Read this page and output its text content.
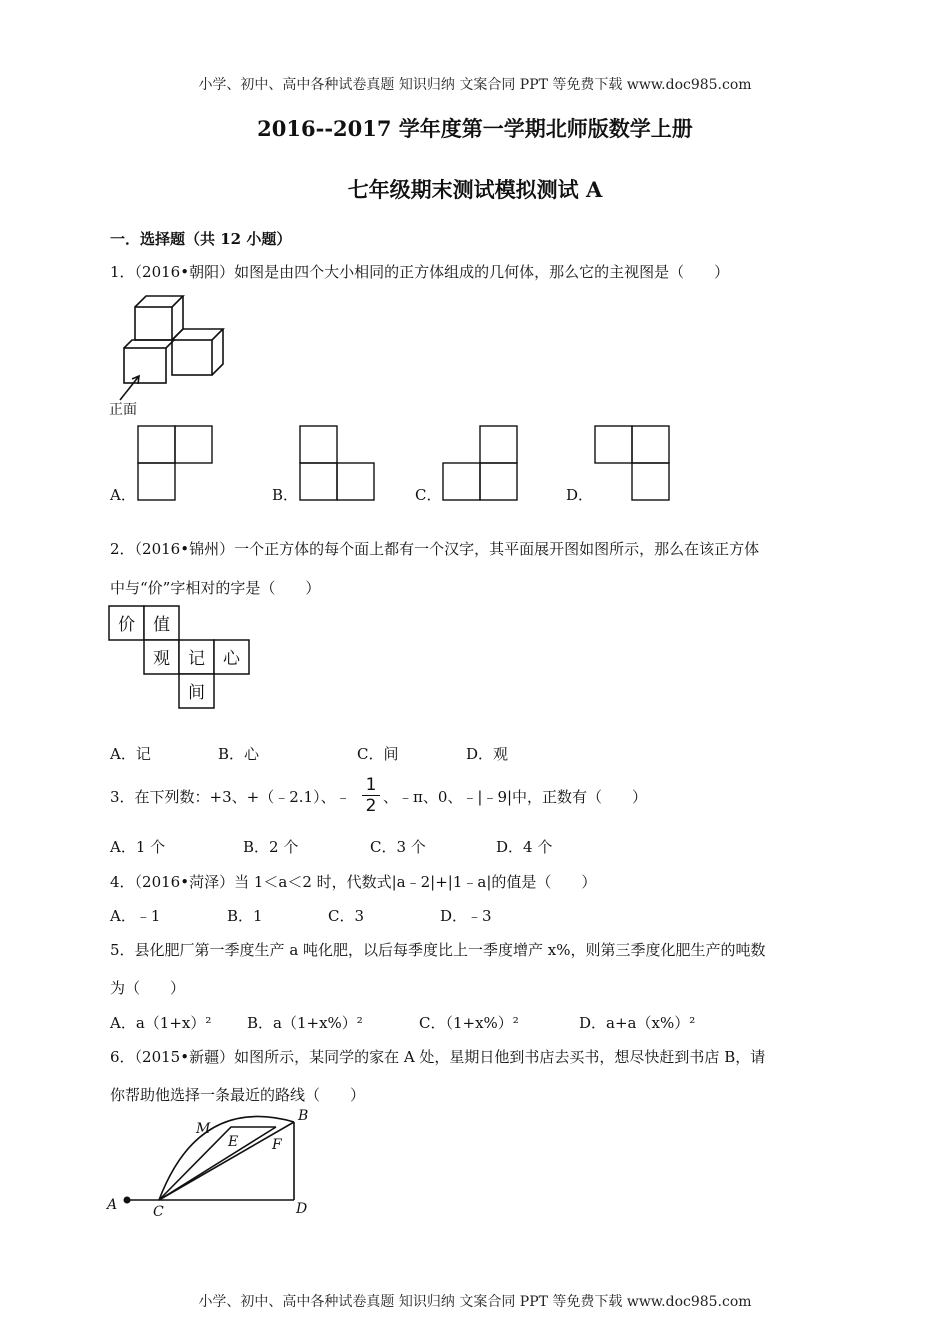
小学、初中、高中各种试卷真题 知识归纳 文案合同 PPT 等免费下载 www.doc985.com
2016--2017 学年度第一学期北师版数学上册
七年级期末测试模拟测试 A
一．选择题（共 12 小题）
1．（2016•朝阳）如图是由四个大小相同的正方体组成的几何体，那么它的主视图是（　　）
正面
A．	B．	C．	D．
2．（2016•锦州）一个正方体的每个面上都有一个汉字，其平面展开图如图所示，那么在该正方体
中与“价”字相对的字是（　　）
价 值
观 记 心
间
A．记	B．心	C．间	D．观
3．在下列数：+3、+（﹣2.1）、﹣
1
2 、﹣π、0、﹣|﹣9|中，正数有（　　）
A．1 个	B．2 个	C．3 个	D．4 个
4．（2016•菏泽）当 1＜a＜2 时，代数式|a﹣2|+|1﹣a|的值是（　　）
A．﹣1	B．1	C．3	D．﹣3
5．县化肥厂第一季度生产 a 吨化肥，以后每季度比上一季度增产 x%，则第三季度化肥生产的吨数
为（　　）
A．a（1+x）² B．a（1+x%）²	C．（1+x%）²	D．a+a（x%）²
6．（2015•新疆）如图所示，某同学的家在 A 处，星期日他到书店去买书，想尽快赶到书店 B，请
你帮助他选择一条最近的路线（　　）
A	C	D
B
M
E F
小学、初中、高中各种试卷真题 知识归纳 文案合同 PPT 等免费下载 www.doc985.com
